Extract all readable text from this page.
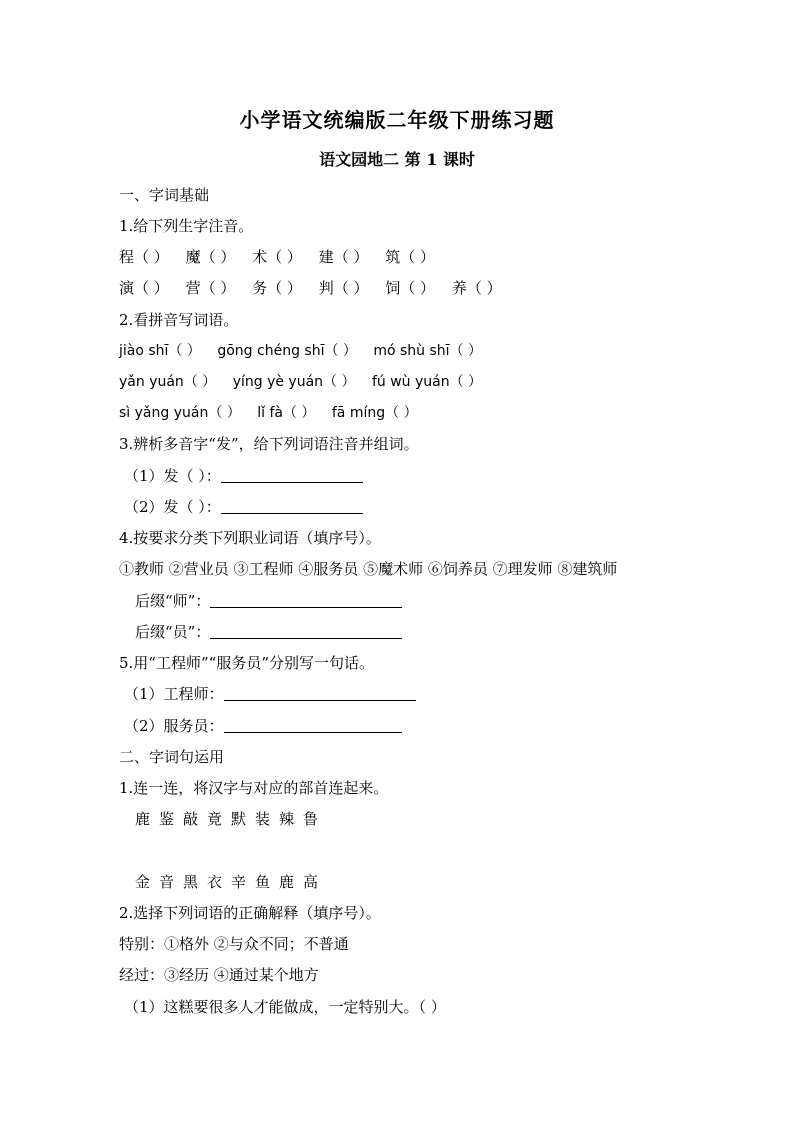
小学语文统编版二年级下册练习题
语文园地二 第 1 课时
一、字词基础
1.给下列生字注音。
程（ ） 魔（ ） 术（ ） 建（ ） 筑（ ）
演（ ） 营（ ） 务（ ） 判（ ） 饲（ ） 养（ ）
2.看拼音写词语。
jiào shī（ ） gōng chéng shī（ ） mó shù shī（ ）
yǎn yuán（ ） yíng yè yuán（ ） fú wù yuán（ ）
sì yǎng yuán（ ） lǐ fà（ ） fā míng（ ）
3.辨析多音字“发”，给下列词语注音并组词。
（1）发（ ）：
（2）发（ ）：
4.按要求分类下列职业词语（填序号）。
①教师 ②营业员 ③工程师 ④服务员 ⑤魔术师 ⑥饲养员 ⑦理发师 ⑧建筑师
后缀“师”：
后缀“员”：
5.用“工程师”“服务员”分别写一句话。
（1）工程师：
（2）服务员：
二、字词句运用
1.连一连，将汉字与对应的部首连起来。
鹿 鉴 敲 竟 默 装 辣 鲁
金 音 黑 衣 辛 鱼 鹿 高
2.选择下列词语的正确解释（填序号）。
特别：①格外 ②与众不同；不普通
经过：③经历 ④通过某个地方
（1）这糕要很多人才能做成，一定特别大。（ ）
